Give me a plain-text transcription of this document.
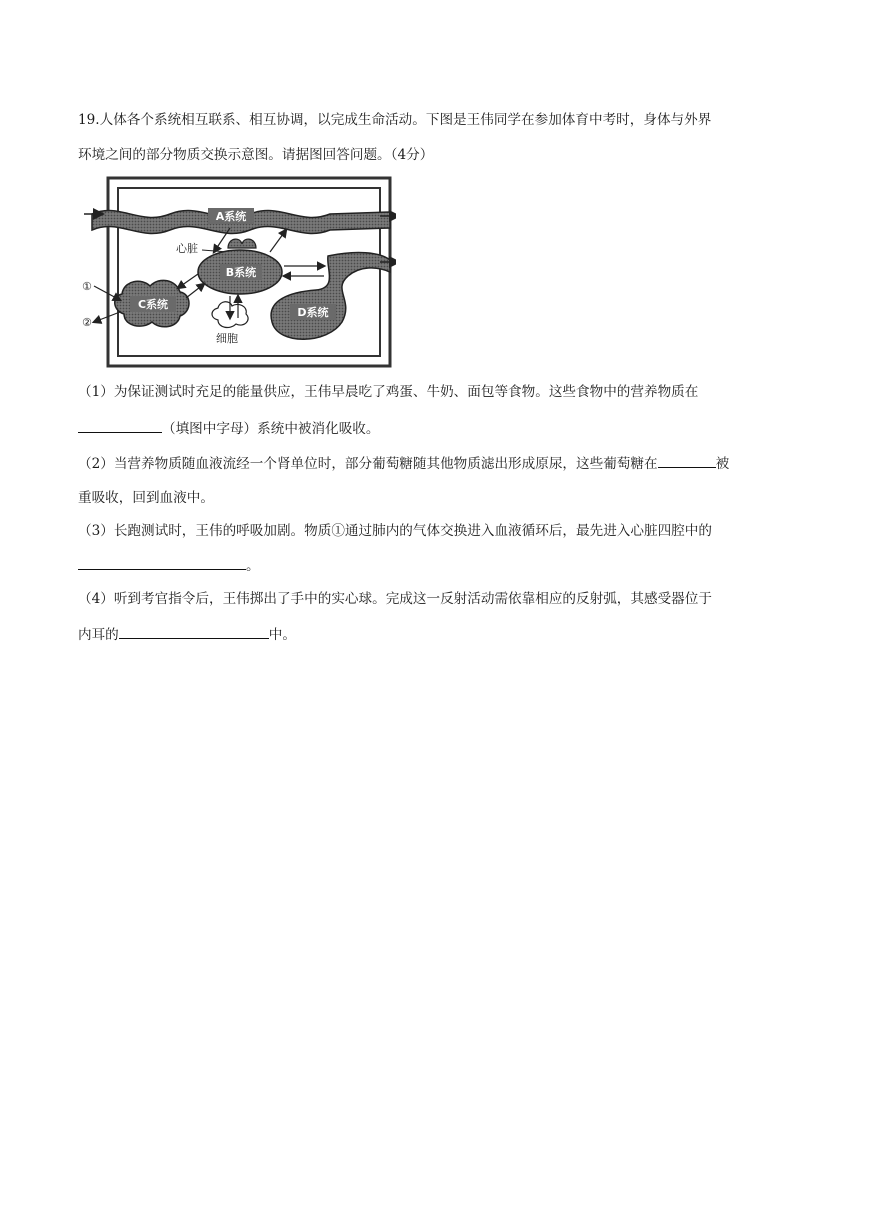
19.人体各个系统相互联系、相互协调，以完成生命活动。下图是王伟同学在参加体育中考时，身体与外界
环境之间的部分物质交换示意图。请据图回答问题。（4分）
A系统
心脏
B系统
D系统
C系统
①
②
细胞
（1）为保证测试时充足的能量供应，王伟早晨吃了鸡蛋、牛奶、面包等食物。这些食物中的营养物质在
（填图中字母）系统中被消化吸收。
（2）当营养物质随血液流经一个肾单位时，部分葡萄糖随其他物质滤出形成原尿，这些葡萄糖在	被
重吸收，回到血液中。
（3）长跑测试时，王伟的呼吸加剧。物质①通过肺内的气体交换进入血液循环后，最先进入心脏四腔中的
。
（4）听到考官指令后，王伟掷出了手中的实心球。完成这一反射活动需依靠相应的反射弧，其感受器位于
内耳的	中。
